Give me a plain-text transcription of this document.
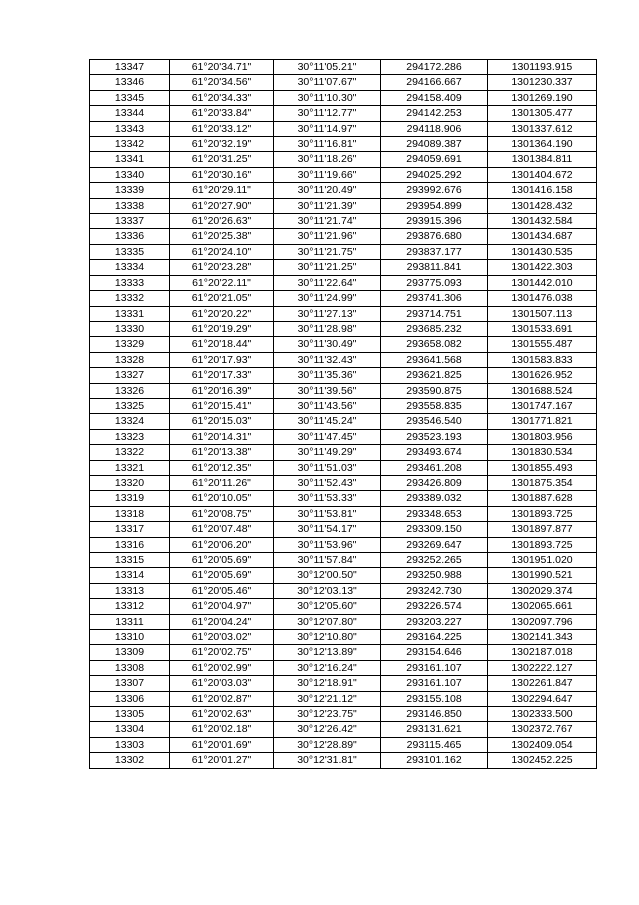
13347	61°20'34.71"	30°11'05.21"	294172.286	1301193.915
13346	61°20'34.56"	30°11'07.67"	294166.667	1301230.337
13345	61°20'34.33"	30°11'10.30"	294158.409	1301269.190
13344	61°20'33.84"	30°11'12.77"	294142.253	1301305.477
13343	61°20'33.12"	30°11'14.97"	294118.906	1301337.612
13342	61°20'32.19"	30°11'16.81"	294089.387	1301364.190
13341	61°20'31.25"	30°11'18.26"	294059.691	1301384.811
13340	61°20'30.16"	30°11'19.66"	294025.292	1301404.672
13339	61°20'29.11"	30°11'20.49"	293992.676	1301416.158
13338	61°20'27.90"	30°11'21.39"	293954.899	1301428.432
13337	61°20'26.63"	30°11'21.74"	293915.396	1301432.584
13336	61°20'25.38"	30°11'21.96"	293876.680	1301434.687
13335	61°20'24.10"	30°11'21.75"	293837.177	1301430.535
13334	61°20'23.28"	30°11'21.25"	293811.841	1301422.303
13333	61°20'22.11"	30°11'22.64"	293775.093	1301442.010
13332	61°20'21.05"	30°11'24.99"	293741.306	1301476.038
13331	61°20'20.22"	30°11'27.13"	293714.751	1301507.113
13330	61°20'19.29"	30°11'28.98"	293685.232	1301533.691
13329	61°20'18.44"	30°11'30.49"	293658.082	1301555.487
13328	61°20'17.93"	30°11'32.43"	293641.568	1301583.833
13327	61°20'17.33"	30°11'35.36"	293621.825	1301626.952
13326	61°20'16.39"	30°11'39.56"	293590.875	1301688.524
13325	61°20'15.41"	30°11'43.56"	293558.835	1301747.167
13324	61°20'15.03"	30°11'45.24"	293546.540	1301771.821
13323	61°20'14.31"	30°11'47.45"	293523.193	1301803.956
13322	61°20'13.38"	30°11'49.29"	293493.674	1301830.534
13321	61°20'12.35"	30°11'51.03"	293461.208	1301855.493
13320	61°20'11.26"	30°11'52.43"	293426.809	1301875.354
13319	61°20'10.05"	30°11'53.33"	293389.032	1301887.628
13318	61°20'08.75"	30°11'53.81"	293348.653	1301893.725
13317	61°20'07.48"	30°11'54.17"	293309.150	1301897.877
13316	61°20'06.20"	30°11'53.96"	293269.647	1301893.725
13315	61°20'05.69"	30°11'57.84"	293252.265	1301951.020
13314	61°20'05.69"	30°12'00.50"	293250.988	1301990.521
13313	61°20'05.46"	30°12'03.13"	293242.730	1302029.374
13312	61°20'04.97"	30°12'05.60"	293226.574	1302065.661
13311	61°20'04.24"	30°12'07.80"	293203.227	1302097.796
13310	61°20'03.02"	30°12'10.80"	293164.225	1302141.343
13309	61°20'02.75"	30°12'13.89"	293154.646	1302187.018
13308	61°20'02.99"	30°12'16.24"	293161.107	1302222.127
13307	61°20'03.03"	30°12'18.91"	293161.107	1302261.847
13306	61°20'02.87"	30°12'21.12"	293155.108	1302294.647
13305	61°20'02.63"	30°12'23.75"	293146.850	1302333.500
13304	61°20'02.18"	30°12'26.42"	293131.621	1302372.767
13303	61°20'01.69"	30°12'28.89"	293115.465	1302409.054
13302	61°20'01.27"	30°12'31.81"	293101.162	1302452.225
